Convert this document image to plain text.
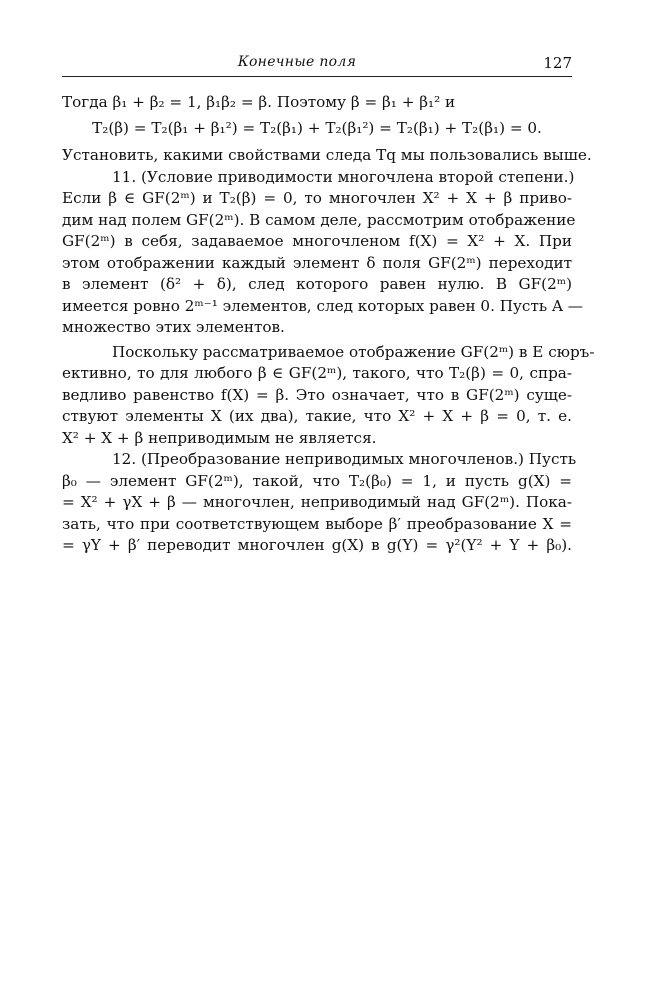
Конечные поля	127
Тогда β₁ + β₂ = 1, β₁β₂ = β. Поэтому β = β₁ + β₁² и
T₂(β) = T₂(β₁ + β₁²) = T₂(β₁) + T₂(β₁²) = T₂(β₁) + T₂(β₁) = 0.
Установить, какими свойствами следа Tq мы пользовались выше.
11. (Условие приводимости многочлена второй степени.)
Если β ∈ GF(2ᵐ) и T₂(β) = 0, то многочлен X² + X + β приво-
дим над полем GF(2ᵐ). В самом деле, рассмотрим отображение
GF(2ᵐ) в себя, задаваемое многочленом f(X) = X² + X. При
этом отображении каждый элемент δ поля GF(2ᵐ) переходит
в элемент (δ² + δ), след которого равен нулю. В GF(2ᵐ)
имеется ровно 2ᵐ⁻¹ элементов, след которых равен 0. Пусть A —
множество этих элементов.
Поскольку рассматриваемое отображение GF(2ᵐ) в E сюръ-
ективно, то для любого β ∈ GF(2ᵐ), такого, что T₂(β) = 0, спра-
ведливо равенство f(X) = β. Это означает, что в GF(2ᵐ) суще-
ствуют элементы X (их два), такие, что X² + X + β = 0, т. е.
X² + X + β неприводимым не является.
12. (Преобразование неприводимых многочленов.) Пусть
β₀ — элемент GF(2ᵐ), такой, что T₂(β₀) = 1, и пусть g(X) =
= X² + γX + β — многочлен, неприводимый над GF(2ᵐ). Пока-
зать, что при соответствующем выборе β′ преобразование X =
= γY + β′ переводит многочлен g(X) в g(Y) = γ²(Y² + Y + β₀).
